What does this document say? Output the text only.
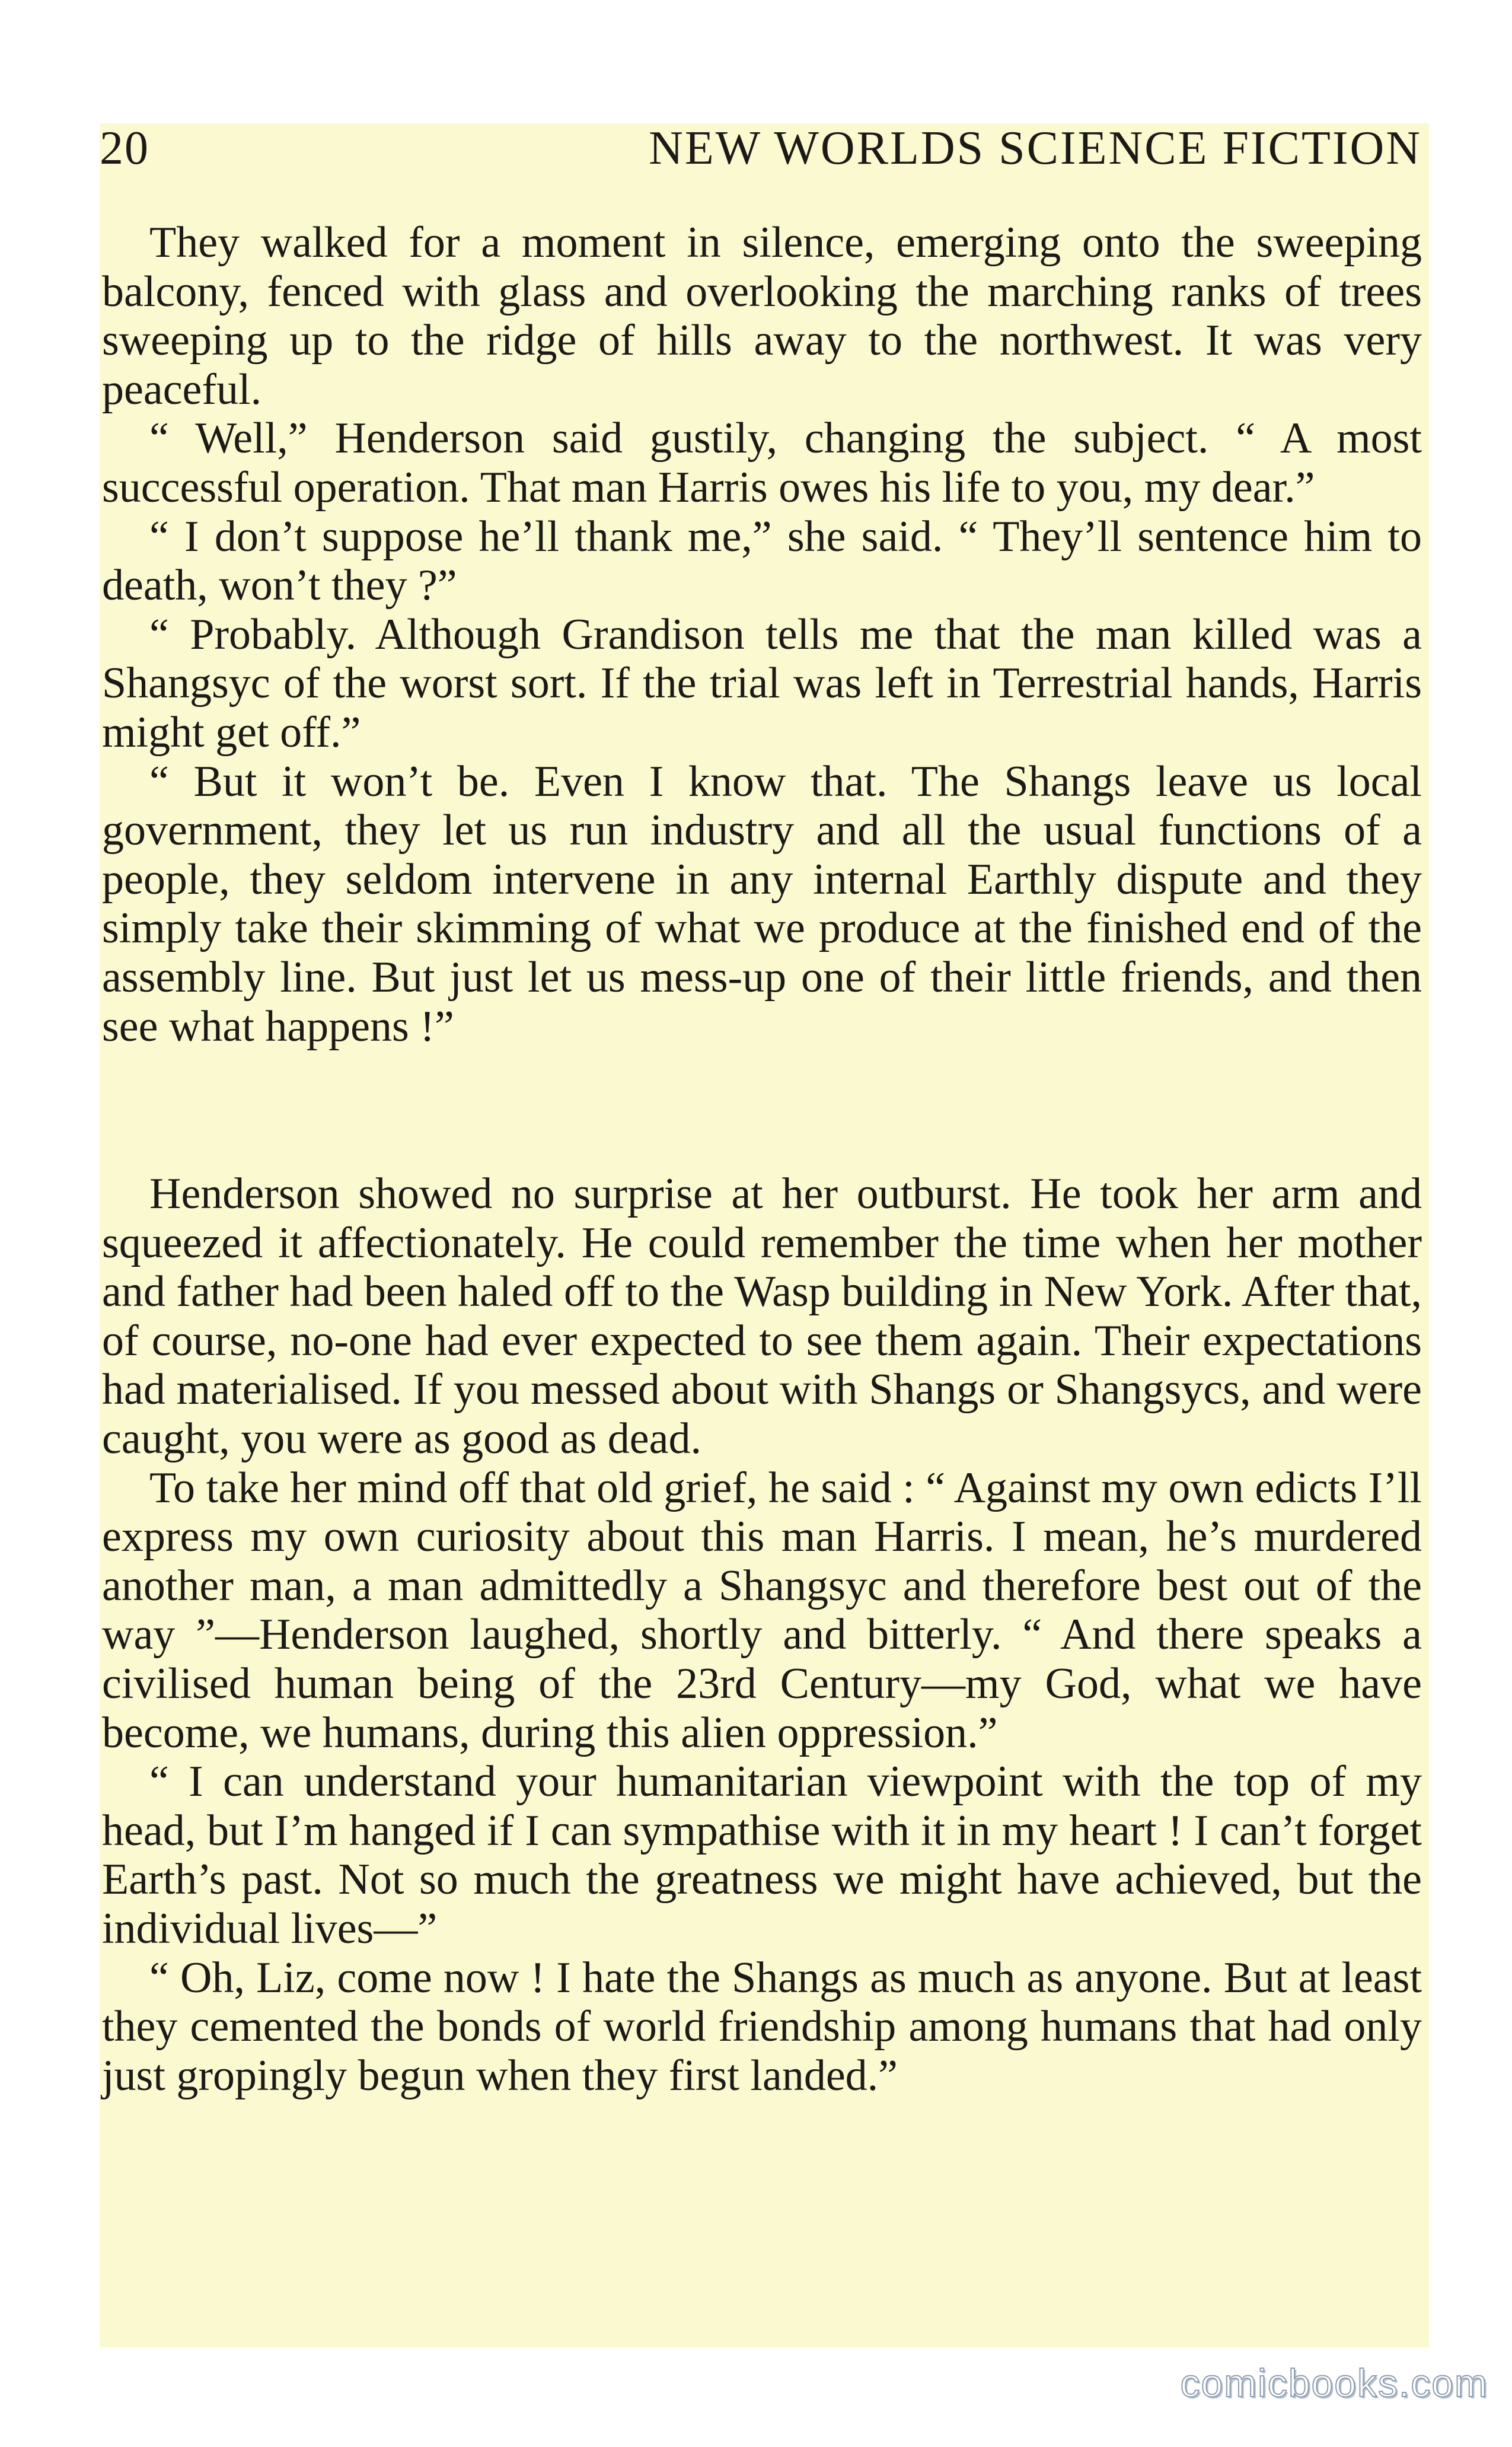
20	NEW WORLDS SCIENCE FICTION

They walked for a moment in silence, emerging onto the sweeping balcony, fenced with glass and overlooking the marching ranks of trees sweeping up to the ridge of hills away to the northwest. It was very peaceful.

“ Well,” Henderson said gustily, changing the subject. “ A most successful operation. That man Harris owes his life to you, my dear.”

“ I don’t suppose he’ll thank me,” she said. “ They’ll sentence him to death, won’t they ?”

“ Probably. Although Grandison tells me that the man killed was a Shangsyc of the worst sort. If the trial was left in Terrestrial hands, Harris might get off.”

“ But it won’t be. Even I know that. The Shangs leave us local government, they let us run industry and all the usual functions of a people, they seldom intervene in any internal Earthly dispute and they simply take their skimming of what we produce at the finished end of the assembly line. But just let us mess-up one of their little friends, and then see what happens !”

Henderson showed no surprise at her outburst. He took her arm and squeezed it affectionately. He could remember the time when her mother and father had been haled off to the Wasp building in New York. After that, of course, no-one had ever expected to see them again. Their expectations had materialised. If you messed about with Shangs or Shangsycs, and were caught, you were as good as dead.

To take her mind off that old grief, he said : “ Against my own edicts I’ll express my own curiosity about this man Harris. I mean, he’s murdered another man, a man admittedly a Shangsyc and therefore best out of the way ”—Henderson laughed, shortly and bitterly. “ And there speaks a civilised human being of the 23rd Century—my God, what we have become, we humans, during this alien oppression.”

“ I can understand your humanitarian viewpoint with the top of my head, but I’m hanged if I can sympathise with it in my heart ! I can’t forget Earth’s past. Not so much the greatness we might have achieved, but the individual lives—”

“ Oh, Liz, come now ! I hate the Shangs as much as anyone. But at least they cemented the bonds of world friendship among humans that had only just gropingly begun when they first landed.”

comicbooks.com
